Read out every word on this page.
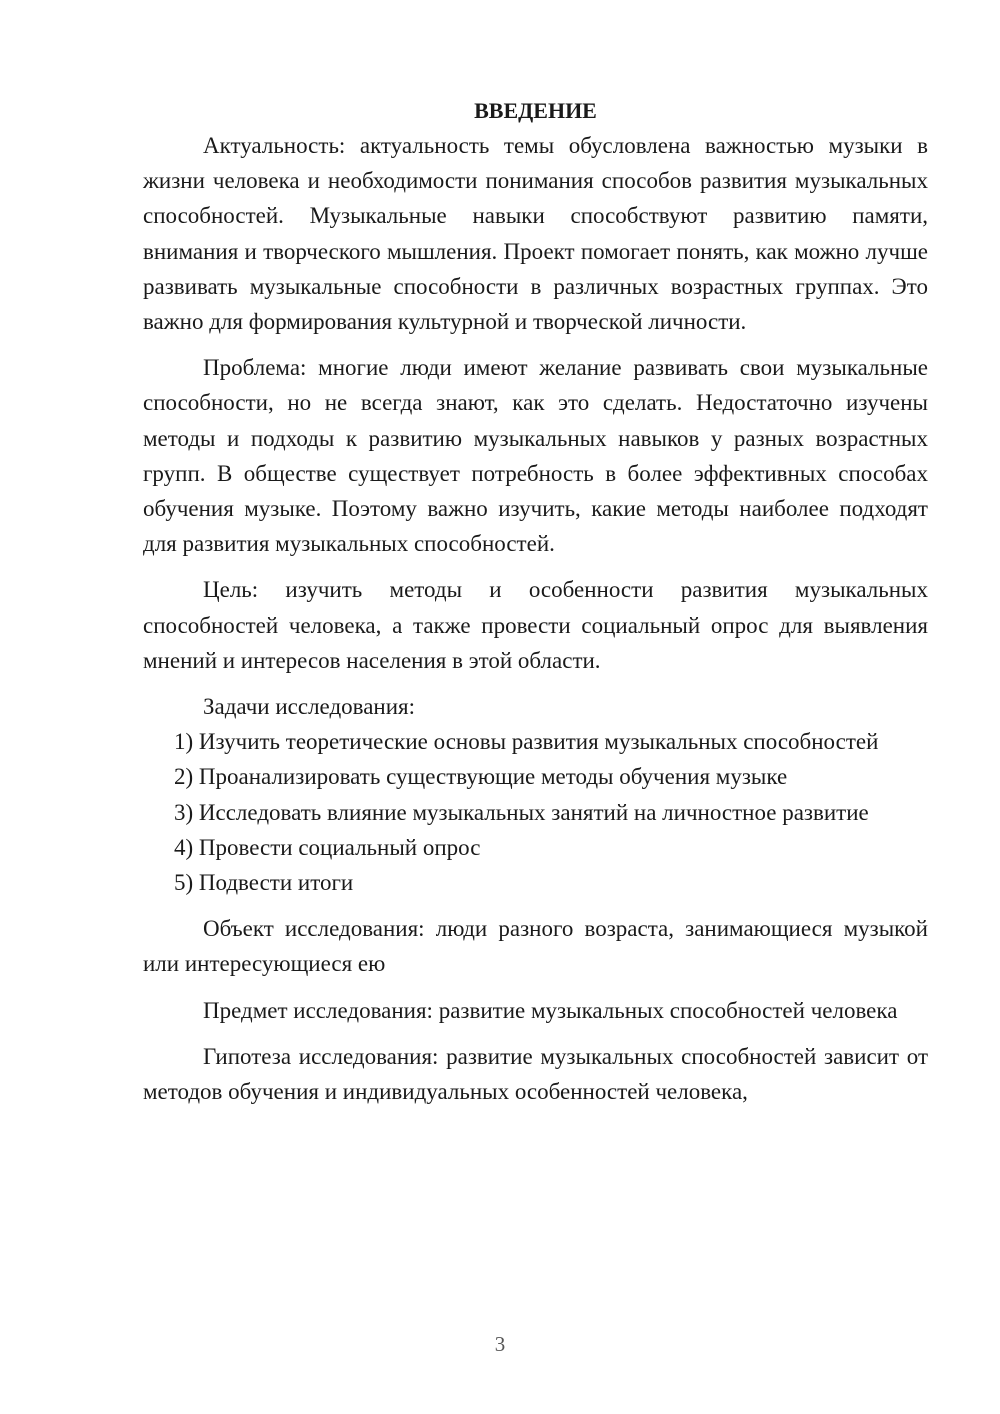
ВВЕДЕНИЕ

Актуальность: актуальность темы обусловлена важностью музыки в жизни человека и необходимости понимания способов развития музыкальных способностей. Музыкальные навыки способствуют развитию памяти, внимания и творческого мышления. Проект помогает понять, как можно лучше развивать музыкальные способности в различных возрастных группах. Это важно для формирования культурной и творческой личности.

Проблема: многие люди имеют желание развивать свои музыкальные способности, но не всегда знают, как это сделать. Недостаточно изучены методы и подходы к развитию музыкальных навыков у разных возрастных групп. В обществе существует потребность в более эффективных способах обучения музыке. Поэтому важно изучить, какие методы наиболее подходят для развития музыкальных способностей.

Цель: изучить методы и особенности развития музыкальных способностей человека, а также провести социальный опрос для выявления мнений и интересов населения в этой области.

Задачи исследования:

1) Изучить теоретические основы развития музыкальных способностей

2) Проанализировать существующие методы обучения музыке

3) Исследовать влияние музыкальных занятий на личностное развитие

4) Провести социальный опрос

5) Подвести итоги

Объект исследования: люди разного возраста, занимающиеся музыкой или интересующиеся ею

Предмет исследования: развитие музыкальных способностей человека

Гипотеза исследования: развитие музыкальных способностей зависит от методов обучения и индивидуальных особенностей человека,

3
